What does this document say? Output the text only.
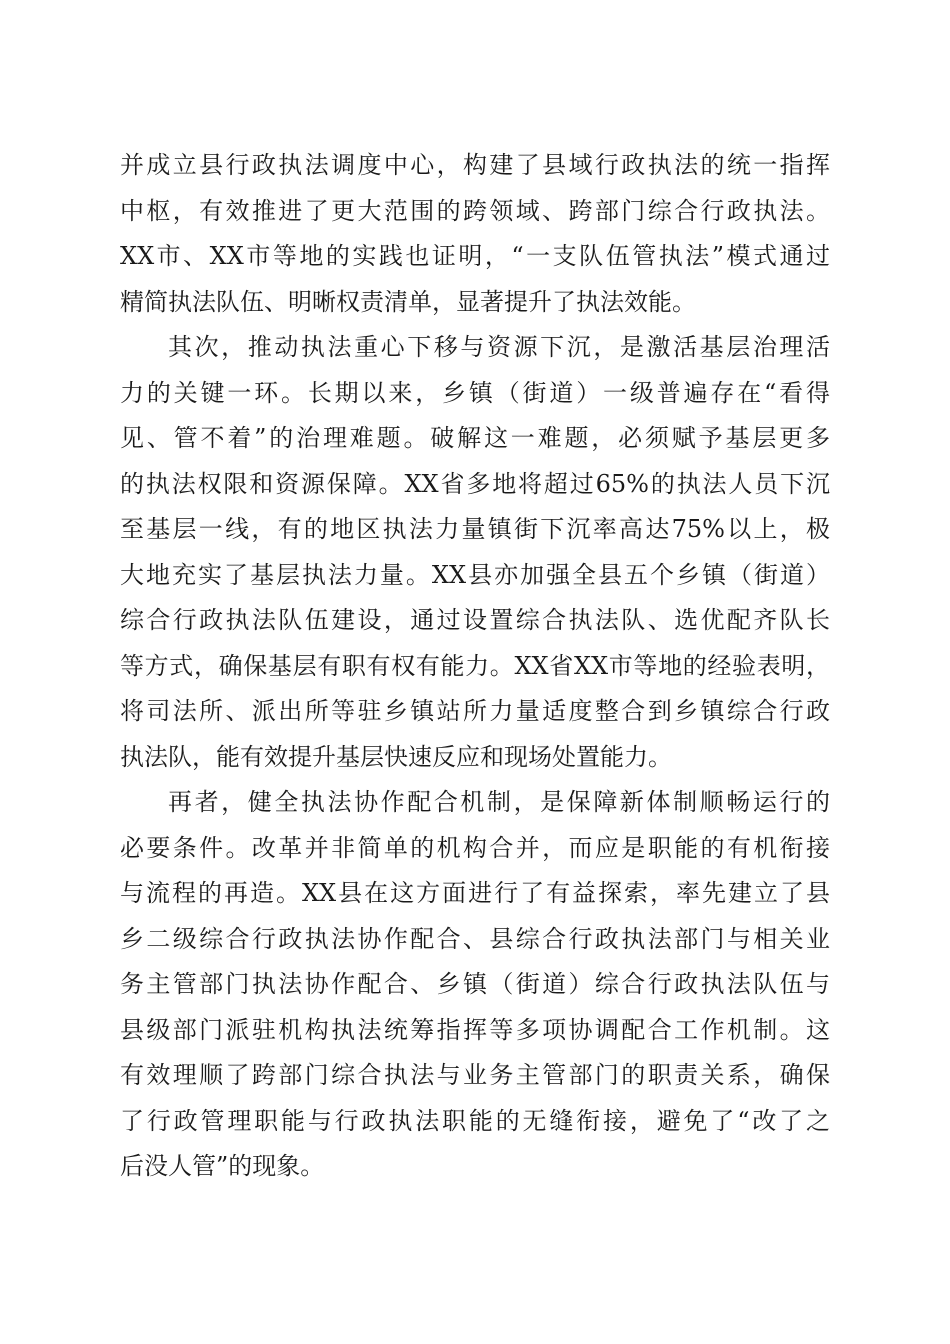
并成立县行政执法调度中心，构建了县域行政执法的统一指挥
中枢，有效推进了更大范围的跨领域、跨部门综合行政执法。
XX市、XX市等地的实践也证明，“一支队伍管执法”模式通过
精简执法队伍、明晰权责清单，显著提升了执法效能。
其次，推动执法重心下移与资源下沉，是激活基层治理活
力的关键一环。长期以来，乡镇（街道）一级普遍存在“看得
见、管不着”的治理难题。破解这一难题，必须赋予基层更多
的执法权限和资源保障。XX省多地将超过65%的执法人员下沉
至基层一线，有的地区执法力量镇街下沉率高达75%以上，极
大地充实了基层执法力量。XX县亦加强全县五个乡镇（街道）
综合行政执法队伍建设，通过设置综合执法队、选优配齐队长
等方式，确保基层有职有权有能力。XX省XX市等地的经验表明，
将司法所、派出所等驻乡镇站所力量适度整合到乡镇综合行政
执法队，能有效提升基层快速反应和现场处置能力。
再者，健全执法协作配合机制，是保障新体制顺畅运行的
必要条件。改革并非简单的机构合并，而应是职能的有机衔接
与流程的再造。XX县在这方面进行了有益探索，率先建立了县
乡二级综合行政执法协作配合、县综合行政执法部门与相关业
务主管部门执法协作配合、乡镇（街道）综合行政执法队伍与
县级部门派驻机构执法统筹指挥等多项协调配合工作机制。这
有效理顺了跨部门综合执法与业务主管部门的职责关系，确保
了行政管理职能与行政执法职能的无缝衔接，避免了“改了之
后没人管”的现象。
